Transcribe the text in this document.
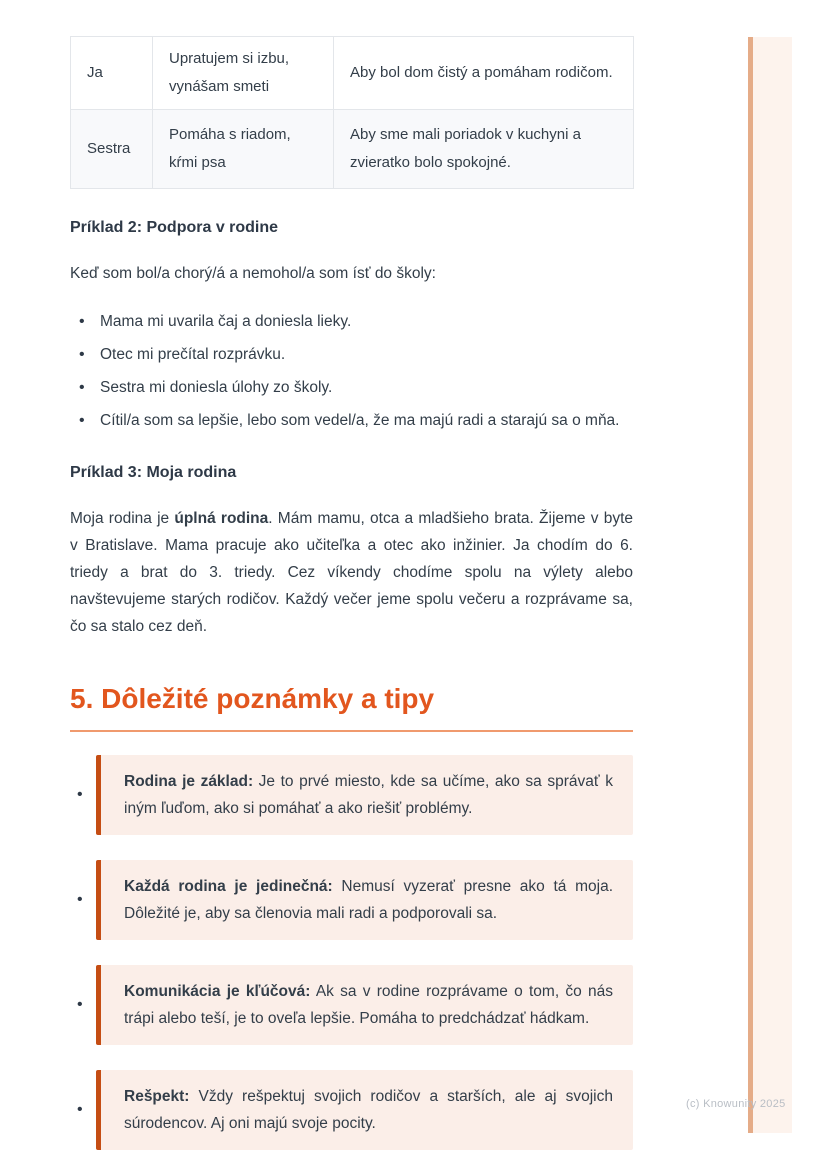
Ja	Upratujem si izbu, vynášam smeti	Aby bol dom čistý a pomáham rodičom.
Sestra	Pomáha s riadom, kŕmi psa	Aby sme mali poriadok v kuchyni a zvieratko bolo spokojné.
Príklad 2: Podpora v rodine

Keď som bol/a chorý/á a nemohol/a som ísť do školy:

• Mama mi uvarila čaj a doniesla lieky.
• Otec mi prečítal rozprávku.
• Sestra mi doniesla úlohy zo školy.
• Cítil/a som sa lepšie, lebo som vedel/a, že ma majú radi a starajú sa o mňa.
Príklad 3: Moja rodina

Moja rodina je úplná rodina. Mám mamu, otca a mladšieho brata. Žijeme v byte v Bratislave. Mama pracuje ako učiteľka a otec ako inžinier. Ja chodím do 6. triedy a brat do 3. triedy. Cez víkendy chodíme spolu na výlety alebo navštevujeme starých rodičov. Každý večer jeme spolu večeru a rozprávame sa, čo sa stalo cez deň.

5. Dôležité poznámky a tipy
•
Rodina je základ: Je to prvé miesto, kde sa učíme, ako sa správať k iným ľuďom, ako si pomáhať a ako riešiť problémy.
•
Každá rodina je jedinečná: Nemusí vyzerať presne ako tá moja. Dôležité je, aby sa členovia mali radi a podporovali sa.
•
Komunikácia je kľúčová: Ak sa v rodine rozprávame o tom, čo nás trápi alebo teší, je to oveľa lepšie. Pomáha to predchádzať hádkam.
•
Rešpekt: Vždy rešpektuj svojich rodičov a starších, ale aj svojich súrodencov. Aj oni majú svoje pocity.
(c) Knowunity 2025
